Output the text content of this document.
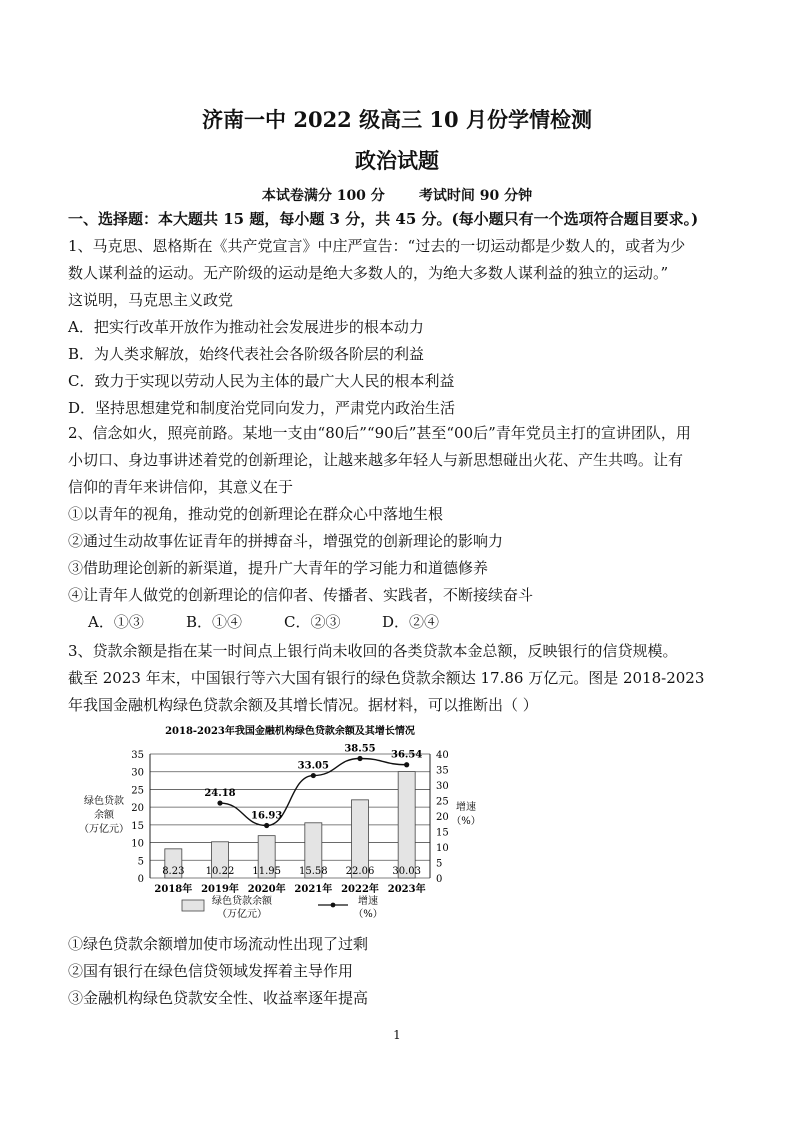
济南一中 2022 级高三 10 月份学情检测
政治试题
本试卷满分 100 分 考试时间 90 分钟
一、选择题：本大题共 15 题，每小题 3 分，共 45 分。(每小题只有一个选项符合题目要求。)
1、马克思、恩格斯在《共产党宣言》中庄严宣告：“过去的一切运动都是少数人的，或者为少
数人谋利益的运动。无产阶级的运动是绝大多数人的，为绝大多数人谋利益的独立的运动。”
这说明，马克思主义政党
A．把实行改革开放作为推动社会发展进步的根本动力
B．为人类求解放，始终代表社会各阶级各阶层的利益
C．致力于实现以劳动人民为主体的最广大人民的根本利益
D．坚持思想建党和制度治党同向发力，严肃党内政治生活
2、信念如火，照亮前路。某地一支由“80后”“90后”甚至“00后”青年党员主打的宣讲团队，用
小切口、身边事讲述着党的创新理论，让越来越多年轻人与新思想碰出火花、产生共鸣。让有
信仰的青年来讲信仰，其意义在于
①以青年的视角，推动党的创新理论在群众心中落地生根
②通过生动故事佐证青年的拼搏奋斗，增强党的创新理论的影响力
③借助理论创新的新渠道，提升广大青年的学习能力和道德修养
④让青年人做党的创新理论的信仰者、传播者、实践者，不断接续奋斗
A．①③	B．①④	C．②③	D．②④
3、贷款余额是指在某一时间点上银行尚未收回的各类贷款本金总额，反映银行的信贷规模。
截至 2023 年末，中国银行等六大国有银行的绿色贷款余额达 17.86 万亿元。图是 2018-2023
年我国金融机构绿色贷款余额及其增长情况。据材料，可以推断出（ ）
2018-2023年我国金融机构绿色贷款余额及其增长情况
0
5
10
15
20
25
30
35
0
5
10
15
20
25
30
35
40
绿色贷款
余额
（万亿元）
增速
（%）
8.23 10.22 11.95 15.58 22.06 30.03
2018年 2019年 2020年 2021年 2022年 2023年
24.18
16.93
33.05
38.55
36.54
绿色贷款余额
（万亿元）
增速
（%）
①绿色贷款余额增加使市场流动性出现了过剩
②国有银行在绿色信贷领域发挥着主导作用
③金融机构绿色贷款安全性、收益率逐年提高
1
